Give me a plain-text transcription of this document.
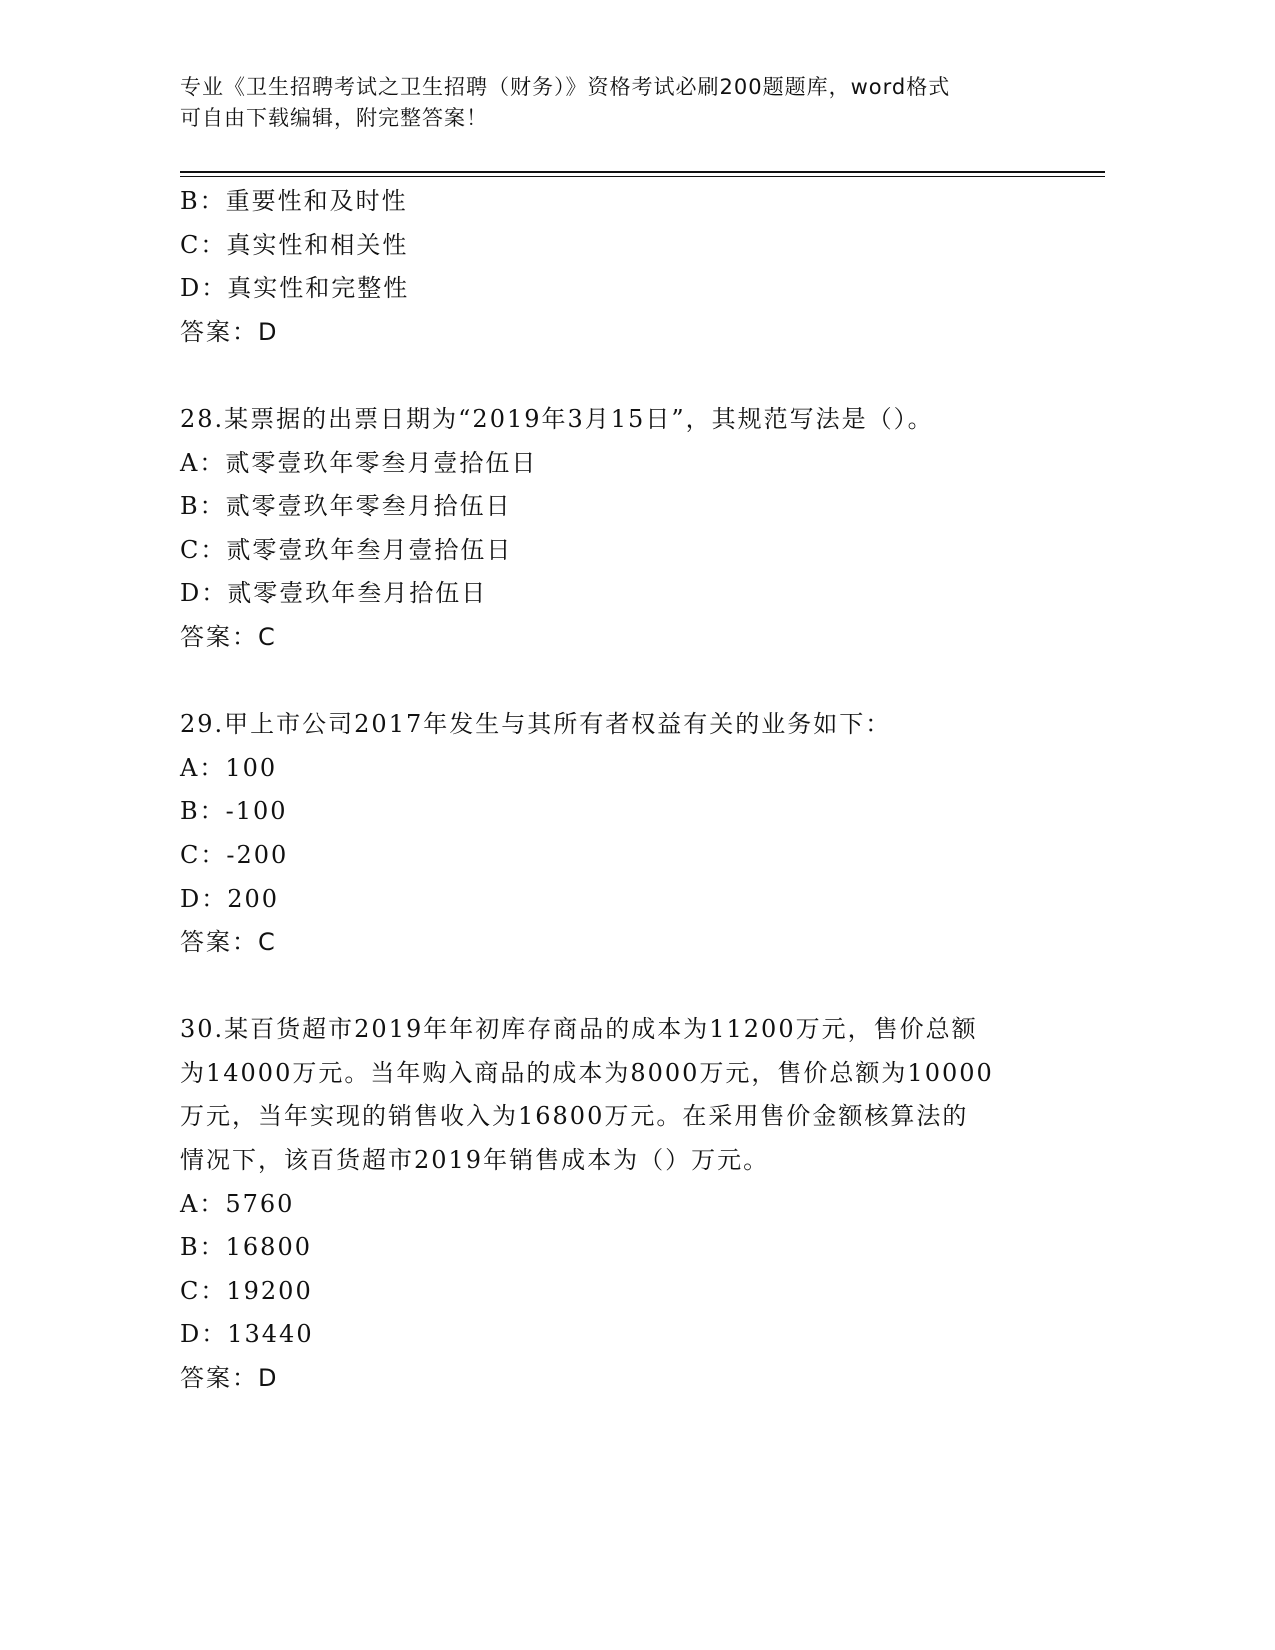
专业《卫生招聘考试之卫生招聘（财务）》资格考试必刷200题题库，word格式
可自由下载编辑，附完整答案！
B：重要性和及时性
C：真实性和相关性
D：真实性和完整性
答案：D
28.某票据的出票日期为“2019年3月15日”，其规范写法是（）。
A：贰零壹玖年零叁月壹拾伍日
B：贰零壹玖年零叁月拾伍日
C：贰零壹玖年叁月壹拾伍日
D：贰零壹玖年叁月拾伍日
答案：C
29.甲上市公司2017年发生与其所有者权益有关的业务如下：
A：100
B：-100
C：-200
D：200
答案：C
30.某百货超市2019年年初库存商品的成本为11200万元，售价总额
为14000万元。当年购入商品的成本为8000万元，售价总额为10000
万元，当年实现的销售收入为16800万元。在采用售价金额核算法的
情况下，该百货超市2019年销售成本为（）万元。
A：5760
B：16800
C：19200
D：13440
答案：D
